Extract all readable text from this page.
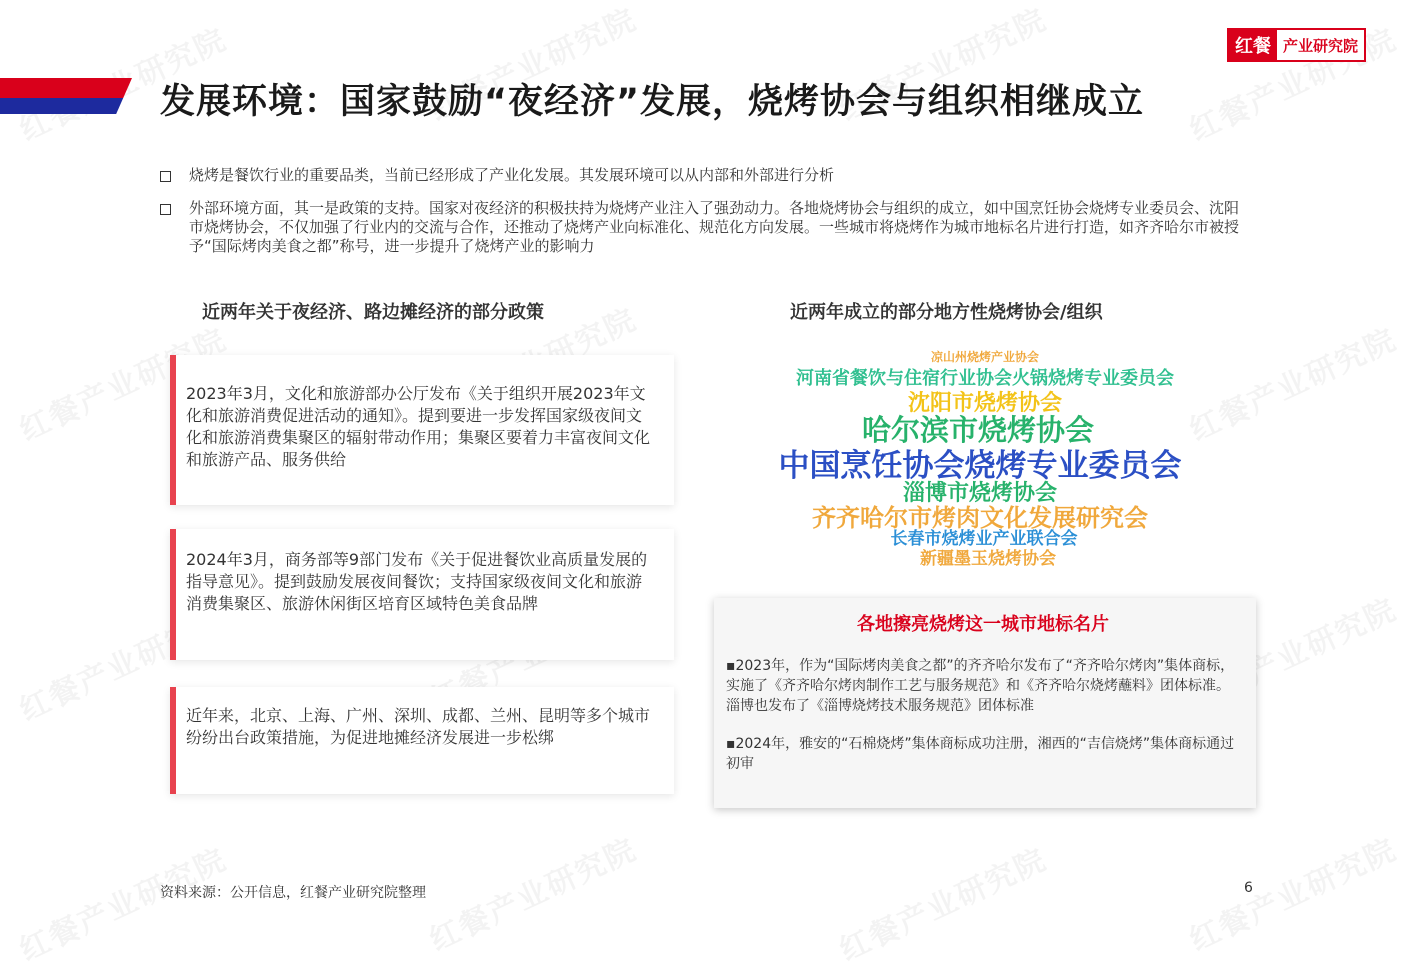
发展环境：国家鼓励“夜经济”发展，烧烤协会与组织相继成立
红餐 产业研究院
烧烤是餐饮行业的重要品类，当前已经形成了产业化发展。其发展环境可以从内部和外部进行分析
外部环境方面，其一是政策的支持。国家对夜经济的积极扶持为烧烤产业注入了强劲动力。各地烧烤协会与组织的成立，如中国烹饪协会烧烤专业委员会、沈阳市烧烤协会，不仅加强了行业内的交流与合作，还推动了烧烤产业向标准化、规范化方向发展。一些城市将烧烤作为城市地标名片进行打造，如齐齐哈尔市被授予“国际烤肉美食之都”称号，进一步提升了烧烤产业的影响力
近两年关于夜经济、路边摊经济的部分政策
2023年3月，文化和旅游部办公厅发布《关于组织开展2023年文化和旅游消费促进活动的通知》。提到要进一步发挥国家级夜间文化和旅游消费集聚区的辐射带动作用；集聚区要着力丰富夜间文化和旅游产品、服务供给
2024年3月，商务部等9部门发布《关于促进餐饮业高质量发展的指导意见》。提到鼓励发展夜间餐饮；支持国家级夜间文化和旅游消费集聚区、旅游休闲街区培育区域特色美食品牌
近年来，北京、上海、广州、深圳、成都、兰州、昆明等多个城市纷纷出台政策措施，为促进地摊经济发展进一步松绑
近两年成立的部分地方性烧烤协会/组织
凉山州烧烤产业协会
河南省餐饮与住宿行业协会火锅烧烤专业委员会
沈阳市烧烤协会
哈尔滨市烧烤协会
中国烹饪协会烧烤专业委员会
淄博市烧烤协会
齐齐哈尔市烤肉文化发展研究会
长春市烧烤业产业联合会
新疆墨玉烧烤协会
各地擦亮烧烤这一城市地标名片
▪2023年，作为“国际烤肉美食之都”的齐齐哈尔发布了“齐齐哈尔烤肉”集体商标，实施了《齐齐哈尔烤肉制作工艺与服务规范》和《齐齐哈尔烧烤蘸料》团体标准。淄博也发布了《淄博烧烤技术服务规范》团体标准
▪2024年，雅安的“石棉烧烤”集体商标成功注册，湘西的“吉信烧烤”集体商标通过初审
资料来源：公开信息，红餐产业研究院整理	6
